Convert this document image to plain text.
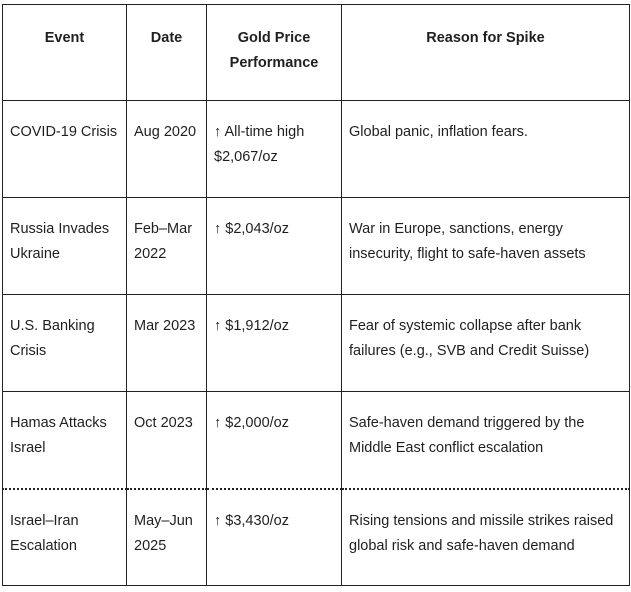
Event	Date	Gold Price Performance	Reason for Spike
COVID-19 Crisis	Aug 2020	↑ All-time high $2,067/oz	Global panic, inflation fears.
Russia Invades Ukraine	Feb–Mar 2022	↑ $2,043/oz	War in Europe, sanctions, energy insecurity, flight to safe-haven assets
U.S. Banking Crisis	Mar 2023	↑ $1,912/oz	Fear of systemic collapse after bank failures (e.g., SVB and Credit Suisse)
Hamas Attacks Israel	Oct 2023	↑ $2,000/oz	Safe-haven demand triggered by the Middle East conflict escalation
Israel–Iran Escalation	May–Jun 2025	↑ $3,430/oz	Rising tensions and missile strikes raised global risk and safe-haven demand
